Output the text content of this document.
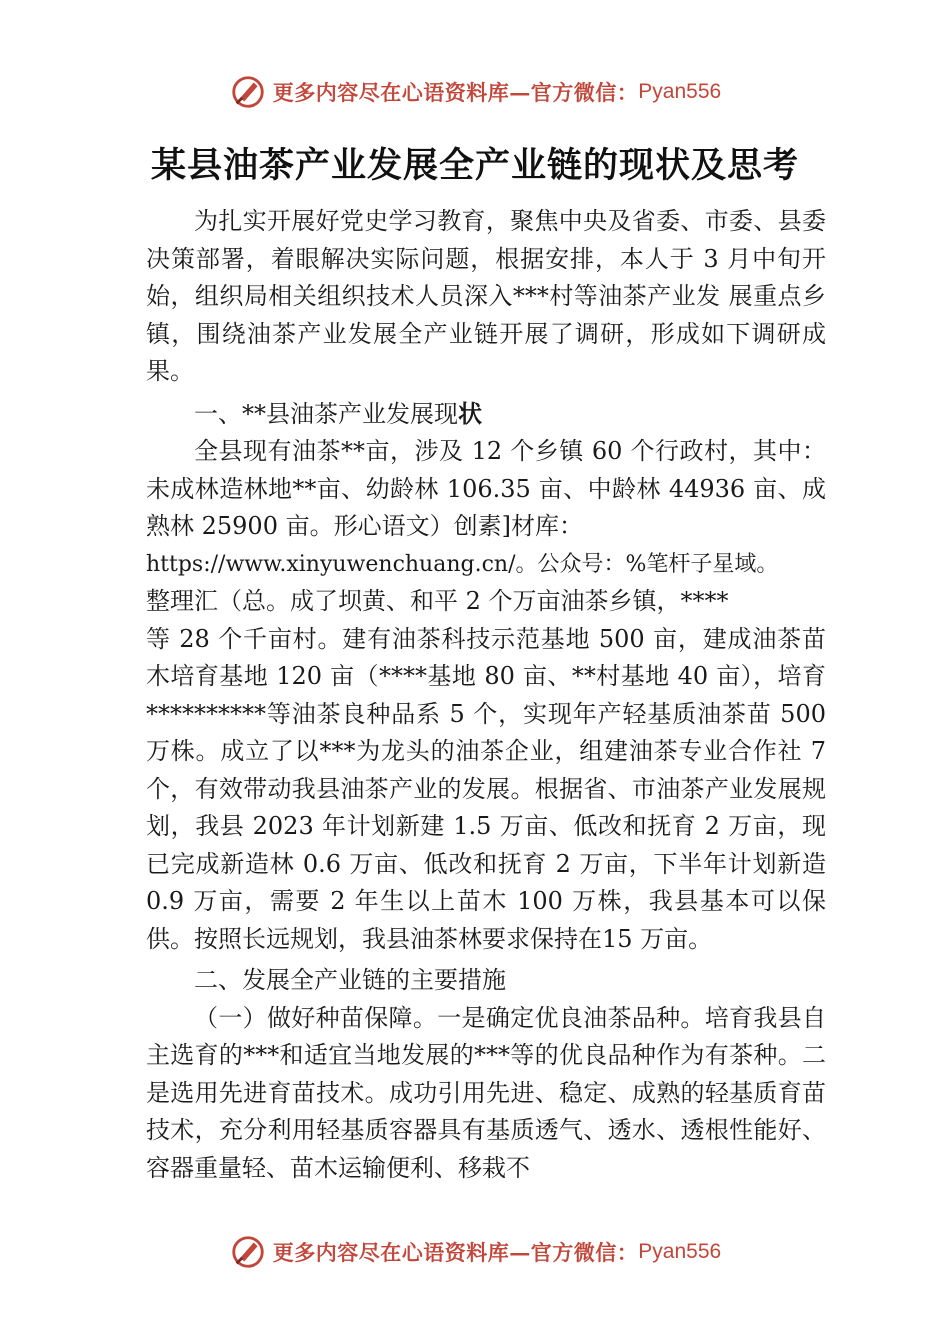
更多内容尽在心语资料库—官方微信： Pyan556
某县油茶产业发展全产业链的现状及思考

为扎实开展好党史学习教育，聚焦中央及省委、市委、县委决策部署，着眼解决实际问题，根据安排，本人于 3 月中旬开始，组织局相关组织技术人员深入***村等油茶产业发 展重点乡镇，围绕油茶产业发展全产业链开展了调研，形成如下调研成果。

一、**县油茶产业发展现状

全县现有油茶**亩，涉及 12 个乡镇 60 个行政村，其中：未成林造林地**亩、幼龄林 106.35 亩、中龄林 44936 亩、成熟林 25900 亩。形心语文）创素]材库：

https://www.xinyuwenchuang.cn/。公众号：%笔杆子星域。

整理汇（总。成了坝黄、和平 2 个万亩油茶乡镇，****

等 28 个千亩村。建有油茶科技示范基地 500 亩，建成油茶苗木培育基地 120 亩（****基地 80 亩、**村基地 40 亩），培育**********等油茶良种品系 5 个，实现年产轻基质油茶苗 500 万株。成立了以***为龙头的油茶企业，组建油茶专业合作社 7 个，有效带动我县油茶产业的发展。根据省、市油茶产业发展规划，我县 2023 年计划新建 1.5 万亩、低改和抚育 2 万亩，现已完成新造林 0.6 万亩、低改和抚育 2 万亩，下半年计划新造 0.9 万亩，需要 2 年生以上苗木 100 万株，我县基本可以保供。按照长远规划，我县油茶林要求保持在15 万亩。

二、发展全产业链的主要措施

（一）做好种苗保障。一是确定优良油茶品种。培育我县自主选育的***和适宜当地发展的***等的优良品种作为有茶种。二是选用先进育苗技术。成功引用先进、稳定、成熟的轻基质育苗技术，充分利用轻基质容器具有基质透气、透水、透根性能好、容器重量轻、苗木运输便利、移栽不

更多内容尽在心语资料库—官方微信： Pyan556
